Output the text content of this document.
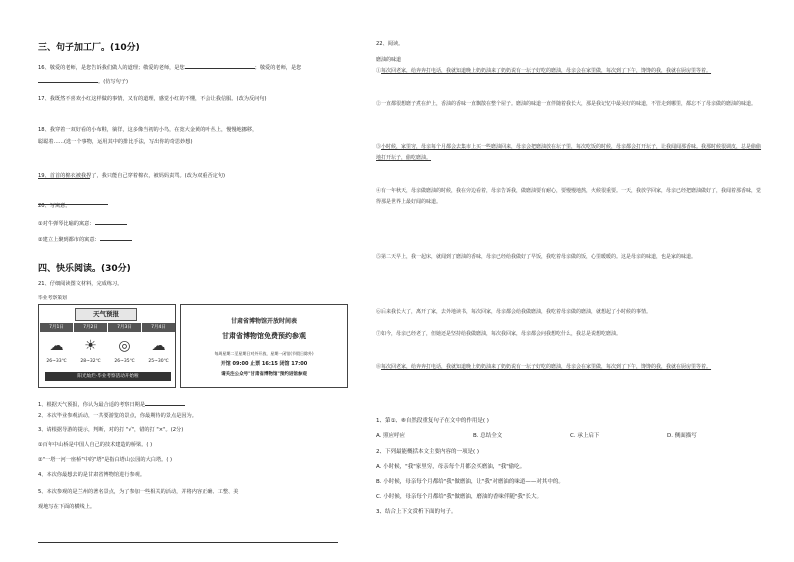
三、句子加工厂。(10分)
16、敬爱的老师，是您告诉我们做人的道理；敬爱的老师，是您	；敬爱的老师，是您
。(仿写句子)
17、我既然不喜欢小红这样做的事情，又有的道理，感觉小红的不懂，不会让我信服。(改为反问句)
18、我穿着一双好看的小布鞋，徜徉，这多像当初的小鸟，在宽大金黄的叶丛上，慢慢地挪移，
聪聪着……(选一个事物，运用其中的排比手法，写出你的奇思妙想)
19、首首的棉衣被我捏了，我只能自己穿着棉衣，被妈妈责骂。(改为双重否定句)
20、写寓意。
①对牛弹琴比喻的寓意：
②建立上聚到都市的寓意：
四、快乐阅读。(30分)
21、仔细阅读图文材料，完成练习。
毕业考察策划
天气预报
7月1日	7月2日	7月3日	7月4日
☁	☀	◎	☁
26~33℃	28~32℃	26~35℃	25~30℃
阳光灿烂·毕业考察活动开始啦
甘肃省博物馆开放时间表
甘肃省博物馆免费预约参观
每周星期二至星期日对外开放，星期一闭馆(节假日除外)
开馆 09:00 止票 16:15 闭馆 17:00
请关注公众号"甘肃省博物馆"预约进馆参观
1、根据天气预报，你认为最合适的考察日期是
2、本次毕业参观活动，一共要游览的景点，你最期待的景点是因为。
3、请根据导游的提示，判断，对的打 "√"，错的打 "×"。(2分)
①百年中山桥是中国人自己的技术建造的桥梁。( )
②"一塔一河一座桥"中的"塔"是指白塔山公园的大白塔。( )
4、本次你最想去的是甘肃省博物馆进行参观。
5、本次参观的是兰州的著名景点，为了参加一些相关的活动，并将内容正确、工整、美
观地写在下面的横线上。
22、阅读。
磨油的味道
①每次回老家，给奔奔打电话，我就知道晚上奶奶油来了奶奶说有一坛子好吃的磨油，母亲会在家里做，每次到了下午，馋馋的我，我就在厨房里等着。
②一直都很想磨子煮在炉上，香油的香味一直飘散在整个屋子。磨油的味道一直伴随着我长大，那是我记忆中最美好的味道，不管走到哪里，都忘不了母亲做的磨油的味道。
③小时候，家里穷，母亲每个月都会去集市上买一些磨油回来，母亲会把磨油放在坛子里，每次吃饭的时候，母亲都会打开坛子，让我闻闻那香味。我那时候很调皮，总是偷偷地打开坛子，偷吃磨油。
④有一年秋天，母亲做磨油的时候，我在旁边看着，母亲告诉我，做磨油要有耐心，要慢慢地熬，火候很重要。一天，我放学回家，母亲已经把磨油做好了，我闻着那香味，觉得那是世界上最好闻的味道。
⑤第二天早上，我一起床，就闻到了磨油的香味，母亲已经给我做好了早饭，我吃着母亲做的饭，心里暖暖的。这是母亲的味道，也是家的味道。
⑥后来我长大了，离开了家，去外地读书，每次回家，母亲都会给我做磨油，我吃着母亲做的磨油，就想起了小时候的事情。
⑦如今，母亲已经老了，但她还是坚持给我做磨油，每次我回家，母亲都会问我想吃什么，我总是说想吃磨油。
⑧每次回老家，给奔奔打电话，我就知道晚上奶奶油来了奶奶说有一坛子好吃的磨油，母亲会在家里做，每次到了下午，馋馋的我，我就在厨房里等着。
1、第①、⑧自然段重复句子在文中的作用是( )
A. 照应呼应	B. 总结全文	C. 承上启下	D. 侧面描写
2、下列最能概括本文主要内容的一项是( )
A. 小时候，"我"家里穷，母亲每个月都会买磨油，"我"偷吃。
B. 小时候，母亲每个月都给"我"做磨油，让"我"对磨油的味道——对其中的。
C. 小时候，母亲每个月都给"我"做磨油，磨油的香味伴随"我"长大。
3、结合上下文赏析下面的句子。
